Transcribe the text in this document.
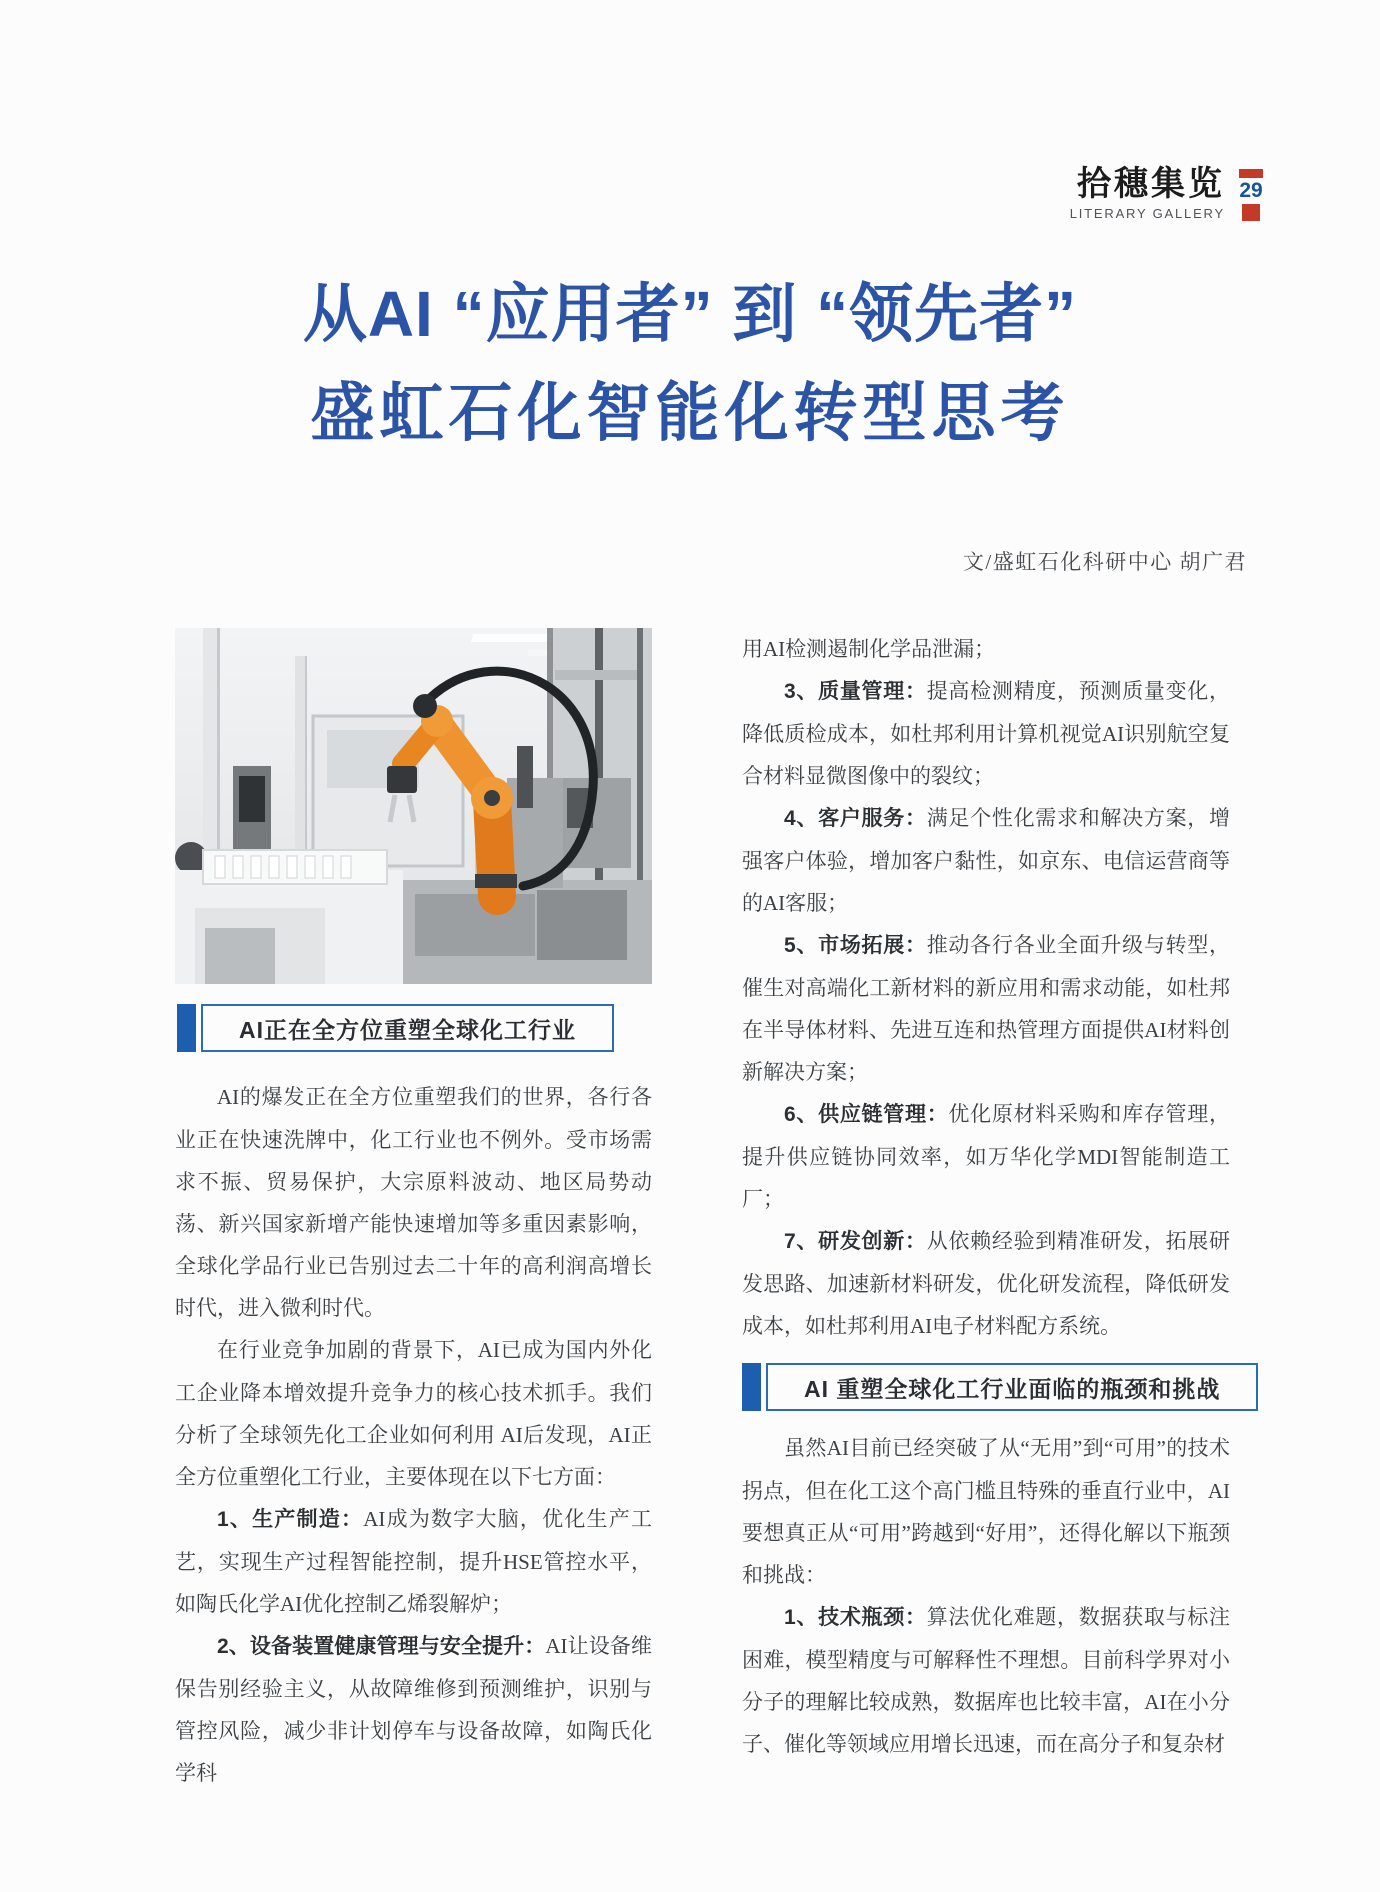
拾穗集览
LITERARY GALLERY
29
从AI “应用者” 到 “领先者”
盛虹石化智能化转型思考
文/盛虹石化科研中心 胡广君
AI正在全方位重塑全球化工行业

AI的爆发正在全方位重塑我们的世界，各行各业正在快速洗牌中，化工行业也不例外。受市场需求不振、贸易保护，大宗原料波动、地区局势动荡、新兴国家新增产能快速增加等多重因素影响，全球化学品行业已告别过去二十年的高利润高增长时代，进入微利时代。

在行业竞争加剧的背景下，AI已成为国内外化工企业降本增效提升竞争力的核心技术抓手。我们分析了全球领先化工企业如何利用 AI后发现，AI正全方位重塑化工行业，主要体现在以下七方面：

1、生产制造：AI成为数字大脑，优化生产工艺，实现生产过程智能控制，提升HSE管控水平，如陶氏化学AI优化控制乙烯裂解炉；

2、设备装置健康管理与安全提升：AI让设备维保告别经验主义，从故障维修到预测维护，识别与管控风险，减少非计划停车与设备故障，如陶氏化学科

用AI检测遏制化学品泄漏；

3、质量管理：提高检测精度，预测质量变化，降低质检成本，如杜邦利用计算机视觉AI识别航空复合材料显微图像中的裂纹；

4、客户服务：满足个性化需求和解决方案，增强客户体验，增加客户黏性，如京东、电信运营商等的AI客服；

5、市场拓展：推动各行各业全面升级与转型，催生对高端化工新材料的新应用和需求动能，如杜邦在半导体材料、先进互连和热管理方面提供AI材料创新解决方案；

6、供应链管理：优化原材料采购和库存管理，提升供应链协同效率，如万华化学MDI智能制造工厂；

7、研发创新：从依赖经验到精准研发，拓展研发思路、加速新材料研发，优化研发流程，降低研发成本，如杜邦利用AI电子材料配方系统。

AI 重塑全球化工行业面临的瓶颈和挑战

虽然AI目前已经突破了从“无用”到“可用”的技术拐点，但在化工这个高门槛且特殊的垂直行业中，AI要想真正从“可用”跨越到“好用”，还得化解以下瓶颈和挑战：

1、技术瓶颈：算法优化难题，数据获取与标注困难，模型精度与可解释性不理想。目前科学界对小分子的理解比较成熟，数据库也比较丰富，AI在小分子、催化等领域应用增长迅速，而在高分子和复杂材
